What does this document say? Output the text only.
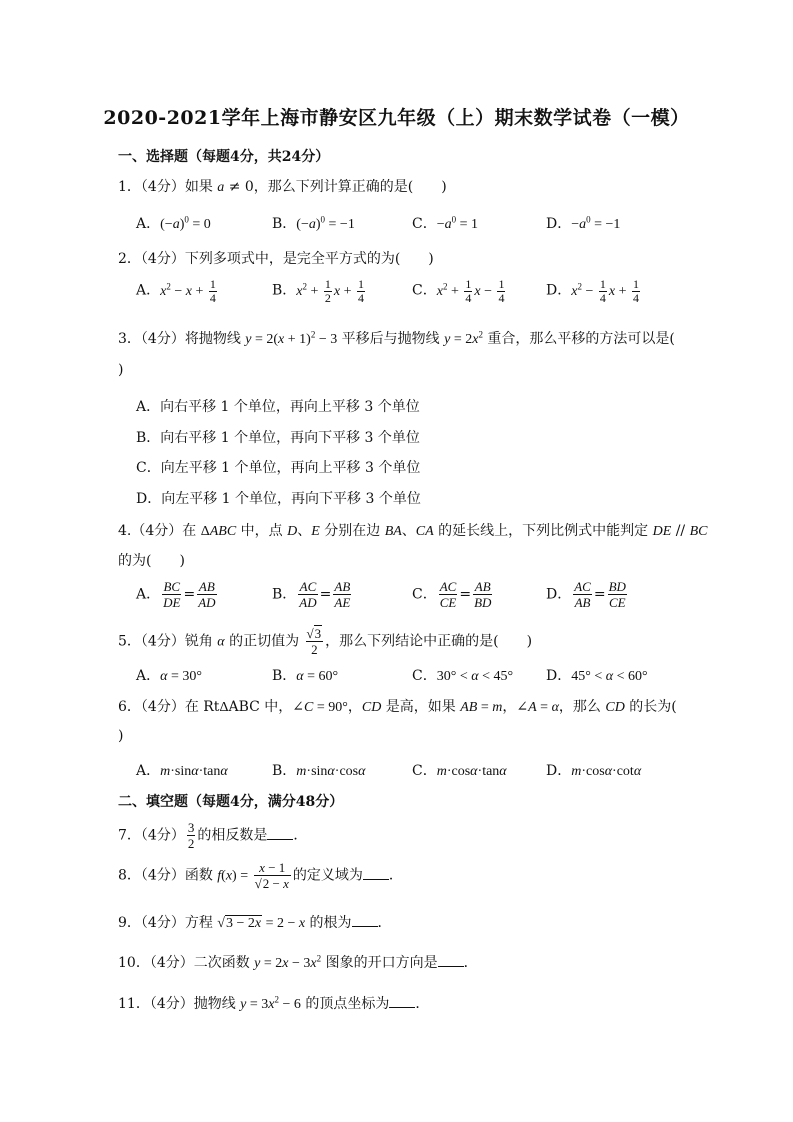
2020-2021学年上海市静安区九年级（上）期末数学试卷（一模）
一、选择题（每题4分，共24分）
1．（4分）如果 a ≠ 0，那么下列计算正确的是(  )
A．$(-a)^0 = 0$	B．$(-a)^0 = -1$	C．$-a^0 = 1$	D．$-a^0 = -1$
2．（4分）下列多项式中，是完全平方式的为(  )
A．$x^2 - x + \frac{1}{4}$	B．$x^2 + \frac{1}{2}$ $x + \frac{1}{4}$	C．$x^2 + \frac{1}{4}$ $x - \frac{1}{4}$	D．$x^2 - \frac{1}{4}$ $x + \frac{1}{4}$
3．（4分）将抛物线 $y = 2(x + 1)^2 - 3$ 平移后与抛物线 $y = 2x^2$ 重合，那么平移的方法可以是(
)
A．向右平移 1 个单位，再向上平移 3 个单位
B．向右平移 1 个单位，再向下平移 3 个单位
C．向左平移 1 个单位，再向上平移 3 个单位
D．向左平移 1 个单位，再向下平移 3 个单位
4.（4分）在 ΔABC 中，点 D、E 分别在边 BA、CA 的延长线上，下列比例式中能判定 DE // BC
的为(  )
A． $\frac{BC}{DE} = \frac{AB}{AD}$	B． $\frac{AC}{AD} = \frac{AB}{AE}$	C． $\frac{AC}{CE} = \frac{AB}{BD}$	D． $\frac{AC}{AB} = \frac{BD}{CE}$
5．（4分）锐角 α 的正切值为 $\frac{√3}{2}$ ，那么下列结论中正确的是(  )
A．α = 30°	B．α = 60°	C．30° < α < 45° D．45° < α < 60°
6．（4分）在 RtΔABC 中，∠C = 90°，CD 是高，如果 AB = m，∠A = α，那么 CD 的长为(
)
A．m·sinα·tanα	B．m·sinα·cosα	C．m·cosα·tanα	D．m·cosα·cotα
二、填空题（每题4分，满分48分）
7．（4分） $\frac{3}{2}$ 的相反数是 ．
8．（4分）函数 $f(x) = \frac{x - 1}{√2 - x}$ 的定义域为 ．
9．（4分）方程 √3 − 2x = 2 − x 的根为 ．
10．（4分）二次函数 $y = 2x - 3x^2$ 图象的开口方向是 ．
11．（4分）抛物线 $y = 3x^2 - 6$ 的顶点坐标为 ．
